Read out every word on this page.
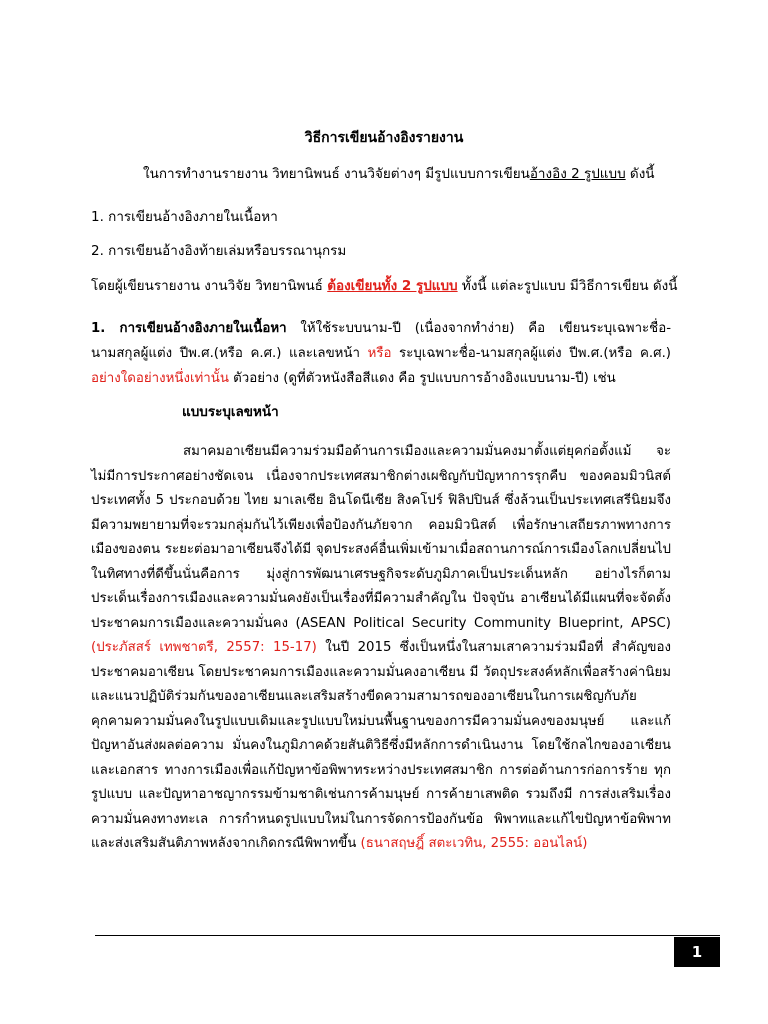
วิธีการเขียนอ้างอิงรายงาน
ในการทำงานรายงาน วิทยานิพนธ์ งานวิจัยต่างๆ มีรูปแบบการเขียนอ้างอิง 2 รูปแบบ ดังนี้
1. การเขียนอ้างอิงภายในเนื้อหา
2. การเขียนอ้างอิงท้ายเล่มหรือบรรณานุกรม
โดยผู้เขียนรายงาน งานวิจัย วิทยานิพนธ์ ต้องเขียนทั้ง 2 รูปแบบ ทั้งนี้ แต่ละรูปแบบ มีวิธีการเขียน ดังนี้
1. การเขียนอ้างอิงภายในเนื้อหา ให้ใช้ระบบนาม-ปี (เนื่องจากทำง่าย) คือ เขียนระบุเฉพาะชื่อ-นามสกุลผู้แต่ง ปีพ.ศ.(หรือ ค.ศ.) และเลขหน้า หรือ ระบุเฉพาะชื่อ-นามสกุลผู้แต่ง ปีพ.ศ.(หรือ ค.ศ.) อย่างใดอย่างหนึ่งเท่านั้น ตัวอย่าง (ดูที่ตัวหนังสือสีแดง คือ รูปแบบการอ้างอิงแบบนาม-ปี) เช่น
แบบระบุเลขหน้า
สมาคมอาเซียนมีความร่วมมือด้านการเมืองและความมั่นคงมาตั้งแต่ยุคก่อตั้งแม้ จะไม่มีการประกาศอย่างชัดเจน เนื่องจากประเทศสมาชิกต่างเผชิญกับปัญหาการรุกคืบ ของคอมมิวนิสต์ประเทศทั้ง 5 ประกอบด้วย ไทย มาเลเซีย อินโดนีเซีย สิงคโปร์ ฟิลิปปินส์ ซึ่งล้วนเป็นประเทศเสรีนิยมจึงมีความพยายามที่จะรวมกลุ่มกันไว้เพียงเพื่อป้องกันภัยจาก คอมมิวนิสต์ เพื่อรักษาเสถียรภาพทางการเมืองของตน ระยะต่อมาอาเซียนจึงได้มี จุดประสงค์อื่นเพิ่มเข้ามาเมื่อสถานการณ์การเมืองโลกเปลี่ยนไปในทิศทางที่ดีขึ้นนั่นคือการ มุ่งสู่การพัฒนาเศรษฐกิจระดับภูมิภาคเป็นประเด็นหลัก อย่างไรก็ตาม ประเด็นเรื่องการเมืองและความมั่นคงยังเป็นเรื่องที่มีความสำคัญใน ปัจจุบัน อาเซียนได้มีแผนที่จะจัดตั้งประชาคมการเมืองและความมั่นคง (ASEAN Political Security Community Blueprint, APSC) (ประภัสสร์ เทพชาตรี, 2557: 15-17) ในปี 2015 ซึ่งเป็นหนึ่งในสามเสาความร่วมมือที่ สำคัญของประชาคมอาเซียน โดยประชาคมการเมืองและความมั่นคงอาเซียน มี วัตถุประสงค์หลักเพื่อสร้างค่านิยมและแนวปฏิบัติร่วมกันของอาเซียนและเสริมสร้างขีดความสามารถของอาเซียนในการเผชิญกับภัยคุกคามความมั่นคงในรูปแบบเดิมและรูปแบบใหม่บนพื้นฐานของการมีความมั่นคงของมนุษย์ และแก้ปัญหาอันส่งผลต่อความ มั่นคงในภูมิภาคด้วยสันติวิธีซึ่งมีหลักการดำเนินงาน โดยใช้กลไกของอาเซียนและเอกสาร ทางการเมืองเพื่อแก้ปัญหาข้อพิพาทระหว่างประเทศสมาชิก การต่อต้านการก่อการร้าย ทุกรูปแบบ และปัญหาอาชญากรรมข้ามชาติเช่นการค้ามนุษย์ การค้ายาเสพติด รวมถึงมี การส่งเสริมเรื่องความมั่นคงทางทะเล การกำหนดรูปแบบใหม่ในการจัดการป้องกันข้อ พิพาทและแก้ไขปัญหาข้อพิพาทและส่งเสริมสันติภาพหลังจากเกิดกรณีพิพาทขึ้น (ธนาสฤษฎิ์ สตะเวทิน, 2555: ออนไลน์)
1
